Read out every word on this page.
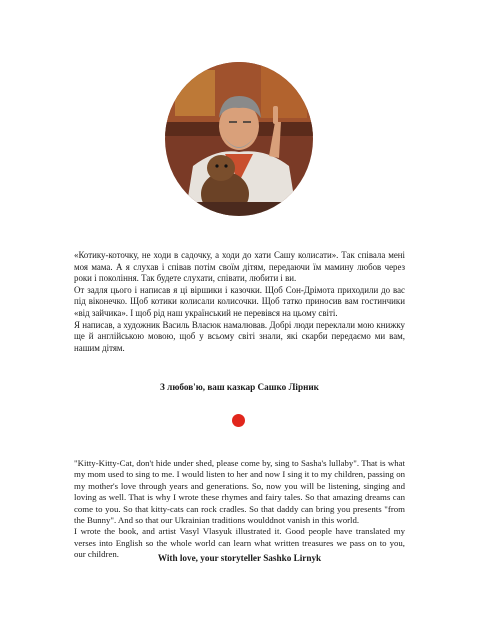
«Котику-коточку, не ходи в садочку, а ходи до хати Сашу колисати». Так співала мені моя мама. А я слухав і співав потім своїм дітям, передаючи їм мамину любов через роки і покоління. Так будете слухати, співати, любити і ви.

От задля цього і написав я ці віршики і казочки. Щоб Сон-Дрімота приходили до вас під віконечко. Щоб котики колисали колисочки. Щоб татко приносив вам гостинчики «від зайчика». І щоб рід наш український не перевівся на цьому світі.

Я написав, а художник Василь Власюк намалював. Добрі люди переклали мою книжку ще й англійською мовою, щоб у всьому світі знали, які скарби передаємо ми вам, нашим дітям.

З любов'ю, ваш казкар Сашко Лірник

"Kitty-Kitty-Cat, don't hide under shed, please come by, sing to Sasha's lullaby". That is what my mom used to sing to me. I would listen to her and now I sing it to my children, passing on my mother's love through years and generations. So, now you will be listening, singing and loving as well. That is why I wrote these rhymes and fairy tales. So that amazing dreams can come to you. So that kitty-cats can rock cradles. So that daddy can bring you presents "from the Bunny". And so that our Ukrainian traditions woulddnot vanish in this world.

I wrote the book, and artist Vasyl Vlasyuk illustrated it. Good people have translated my verses into English so the whole world can learn what written treasures we pass on to you, our children.	With love, your storyteller Sashko Lirnyk
